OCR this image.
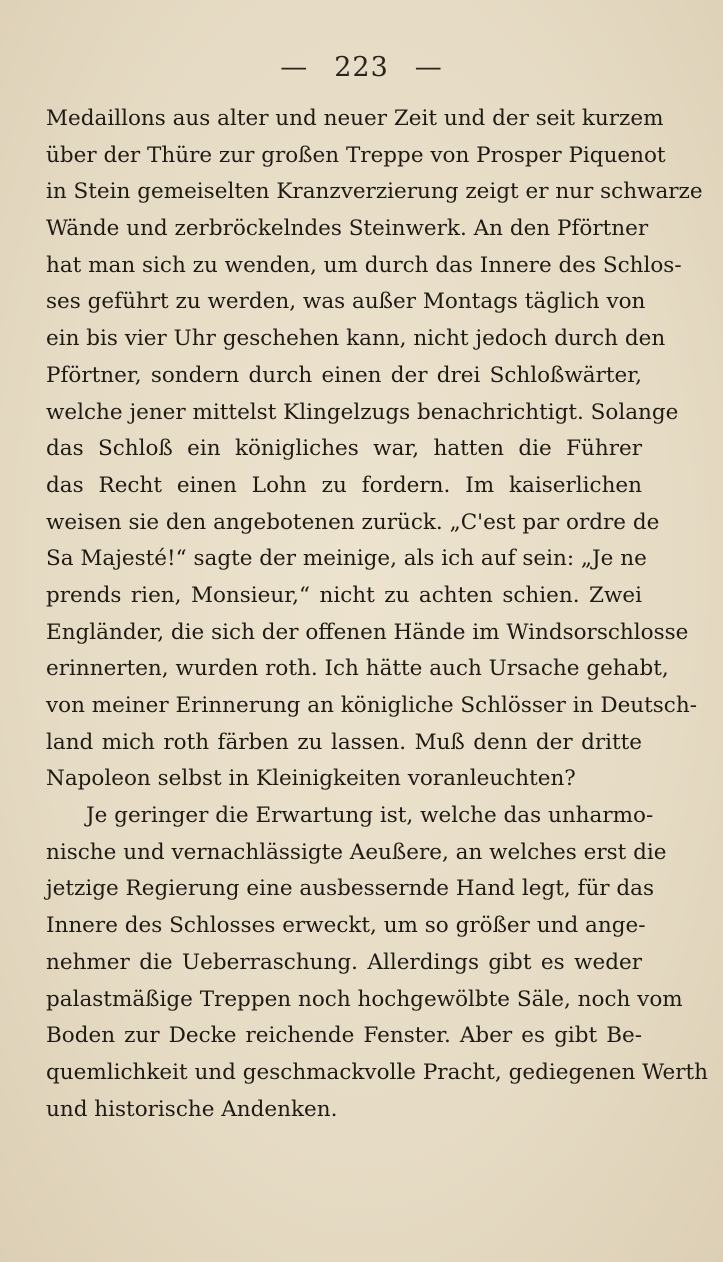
— 223 —
Medaillons aus alter und neuer Zeit und der seit kurzem
über der Thüre zur großen Treppe von Prosper Piquenot
in Stein gemeiselten Kranzverzierung zeigt er nur schwarze
Wände und zerbröckelndes Steinwerk. An den Pförtner
hat man sich zu wenden, um durch das Innere des Schlos-
ses geführt zu werden, was außer Montags täglich von
ein bis vier Uhr geschehen kann, nicht jedoch durch den
Pförtner, sondern durch einen der drei Schloßwärter,
welche jener mittelst Klingelzugs benachrichtigt. Solange
das Schloß ein königliches war, hatten die Führer
das Recht einen Lohn zu fordern. Im kaiserlichen
weisen sie den angebotenen zurück. „C'est par ordre de
Sa Majesté!“ sagte der meinige, als ich auf sein: „Je ne
prends rien, Monsieur,“ nicht zu achten schien. Zwei
Engländer, die sich der offenen Hände im Windsorschlosse
erinnerten, wurden roth. Ich hätte auch Ursache gehabt,
von meiner Erinnerung an königliche Schlösser in Deutsch-
land mich roth färben zu lassen. Muß denn der dritte
Napoleon selbst in Kleinigkeiten voranleuchten?
Je geringer die Erwartung ist, welche das unharmo-
nische und vernachlässigte Aeußere, an welches erst die
jetzige Regierung eine ausbessernde Hand legt, für das
Innere des Schlosses erweckt, um so größer und ange-
nehmer die Ueberraschung. Allerdings gibt es weder
palastmäßige Treppen noch hochgewölbte Säle, noch vom
Boden zur Decke reichende Fenster. Aber es gibt Be-
quemlichkeit und geschmackvolle Pracht, gediegenen Werth
und historische Andenken.
